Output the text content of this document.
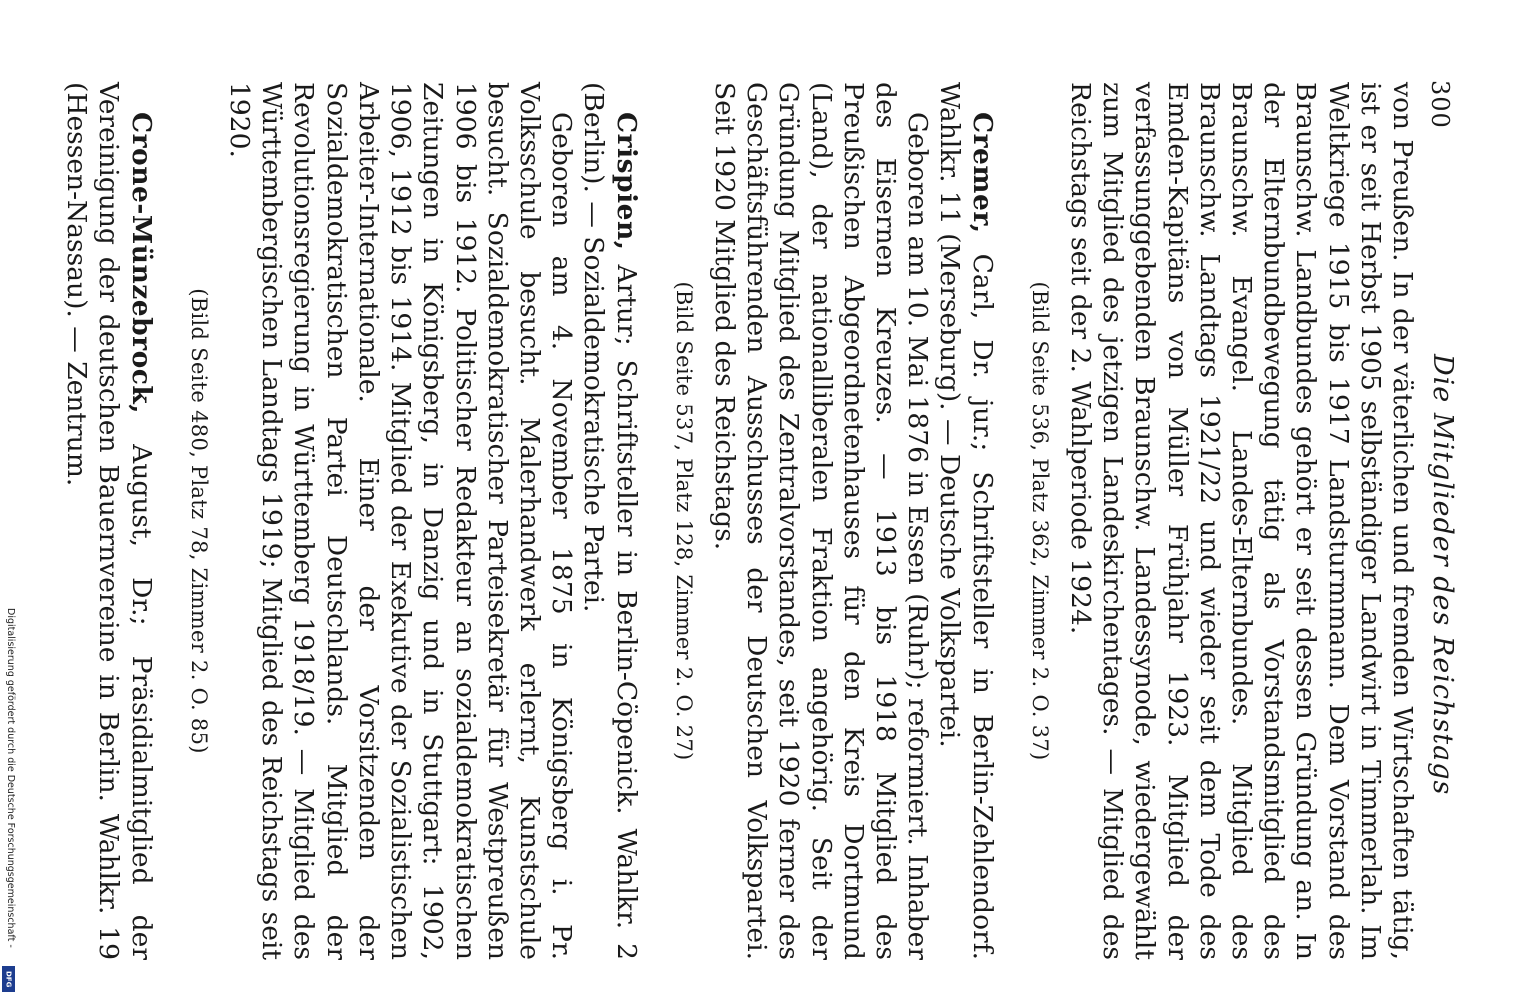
300
Die Mitglieder des Reichstags

von Preußen. In der väterlichen und fremden Wirtschaften tätig, ist er seit Herbst 1905 selbständiger Landwirt in Timmerlah. Im Weltkriege 1915 bis 1917 Landsturmmann. Dem Vorstand des Braunschw. Landbundes gehört er seit dessen Gründung an. In der Elternbundbewegung tätig als Vorstandsmitglied des Braunschw. Evangel. Landes-Elternbundes. Mitglied des Braunschw. Landtags 1921/22 und wieder seit dem Tode des Emden-Kapitäns von Müller Frühjahr 1923. Mitglied der verfassunggebenden Braunschw. Landessynode, wiedergewählt zum Mitglied des jetzigen Landeskirchentages. — Mitglied des Reichstags seit der 2. Wahlperiode 1924.

(Bild Seite 536, Platz 362, Zimmer 2. O. 37)

Cremer, Carl, Dr. jur.; Schriftsteller in Berlin-Zehlendorf. Wahlkr. 11 (Merseburg). — Deutsche Volkspartei.

Geboren am 10. Mai 1876 in Essen (Ruhr); reformiert. Inhaber des Eisernen Kreuzes. — 1913 bis 1918 Mitglied des Preußischen Abgeordnetenhauses für den Kreis Dortmund (Land), der nationalliberalen Fraktion angehörig. Seit der Gründung Mitglied des Zentralvorstandes, seit 1920 ferner des Geschäftsführenden Ausschusses der Deutschen Volkspartei. Seit 1920 Mitglied des Reichstags.

(Bild Seite 537, Platz 128, Zimmer 2. O. 27)

Crispien, Artur; Schriftsteller in Berlin-Cöpenick. Wahlkr. 2 (Berlin). — Sozialdemokratische Partei.

Geboren am 4. November 1875 in Königsberg i. Pr. Volksschule besucht. Malerhandwerk erlernt, Kunstschule besucht. Sozialdemokratischer Parteisekretär für Westpreußen 1906 bis 1912. Politischer Redakteur an sozialdemokratischen Zeitungen in Königsberg, in Danzig und in Stuttgart: 1902, 1906, 1912 bis 1914. Mitglied der Exekutive der Sozialistischen Arbeiter-Internationale. Einer der Vorsitzenden der Sozialdemokratischen Partei Deutschlands. Mitglied der Revolutionsregierung in Württemberg 1918/19. — Mitglied des Württembergischen Landtags 1919; Mitglied des Reichstags seit 1920.

(Bild Seite 480, Platz 78, Zimmer 2. O. 85)

Crone-Münzebrock, August, Dr.; Präsidialmitglied der Vereinigung der deutschen Bauernvereine in Berlin. Wahlkr. 19 (Hessen-Nassau). — Zentrum.

Digitalisierung gefördert durch die Deutsche Forschungsgemeinschaft -
DFG
